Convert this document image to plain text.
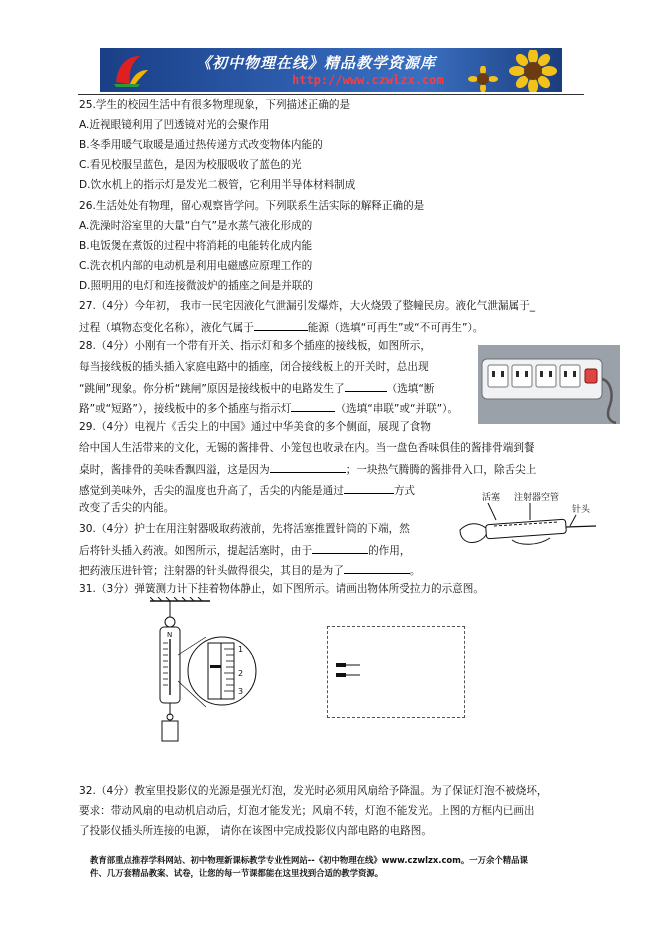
《初中物理在线》精品教学资源库
http://www.czwlzx.com
25.学生的校园生活中有很多物理现象，下列描述正确的是
A.近视眼镜利用了凹透镜对光的会聚作用
B.冬季用暖气取暖是通过热传递方式改变物体内能的
C.看见校服呈蓝色，是因为校服吸收了蓝色的光
D.饮水机上的指示灯是发光二极管，它利用半导体材料制成
26.生活处处有物理，留心观察皆学问。下列联系生活实际的解释正确的是
A.洗澡时浴室里的大量“白气”是水蒸气液化形成的
B.电饭煲在煮饭的过程中将消耗的电能转化成内能
C.洗衣机内部的电动机是利用电磁感应原理工作的
D.照明用的电灯和连接微波炉的插座之间是并联的
27.（4分）今年初， 我市一民宅因液化气泄漏引发爆炸，大火烧毁了整幢民房。液化气泄漏属于_
过程（填物态变化名称），液化气属于	能源（选填“可再生”或“不可再生”）。
28.（4分）小刚有一个带有开关、指示灯和多个插座的接线板，如图所示，
每当接线板的插头插入家庭电路中的插座，闭合接线板上的开关时，总出现
“跳闸”现象。你分析“跳闸”原因是接线板中的电路发生了	（选填“断
路”或“短路”），接线板中的多个插座与指示灯	（选填“串联”或“并联”）。
29.（4分）电视片《舌尖上的中国》通过中华美食的多个侧面，展现了食物
给中国人生活带来的文化，无锡的酱排骨、小笼包也收录在内。当一盘色香味俱佳的酱排骨端到餐
桌时，酱排骨的美味香飘四溢，这是因为	；一块热气腾腾的酱排骨入口，除舌尖上
感觉到美味外，舌尖的温度也升高了，舌尖的内能是通过	方式
改变了舌尖的内能。
30.（4分）护士在用注射器吸取药液前，先将活塞推置针筒的下端，然
后将针头插入药液。如图所示，提起活塞时，由于	的作用，
把药液压进针管；注射器的针头做得很尖，其目的是为了	。
31.（3分）弹簧测力计下挂着物体静止，如下图所示。请画出物体所受拉力的示意图。
32.（4分）教室里投影仪的光源是强光灯泡，发光时必须用风扇给予降温。为了保证灯泡不被烧坏，
要求：带动风扇的电动机启动后，灯泡才能发光；风扇不转，灯泡不能发光。上图的方框内已画出
了投影仪插头所连接的电源， 请你在该图中完成投影仪内部电路的电路图。
活塞 注射器空管
针头
N
1
2
3
教育部重点推荐学科网站、初中物理新课标教学专业性网站--《初中物理在线》www.czwlzx.com。一万余个精品课
件、几万套精品教案、试卷，让您的每一节课都能在这里找到合适的教学资源。
